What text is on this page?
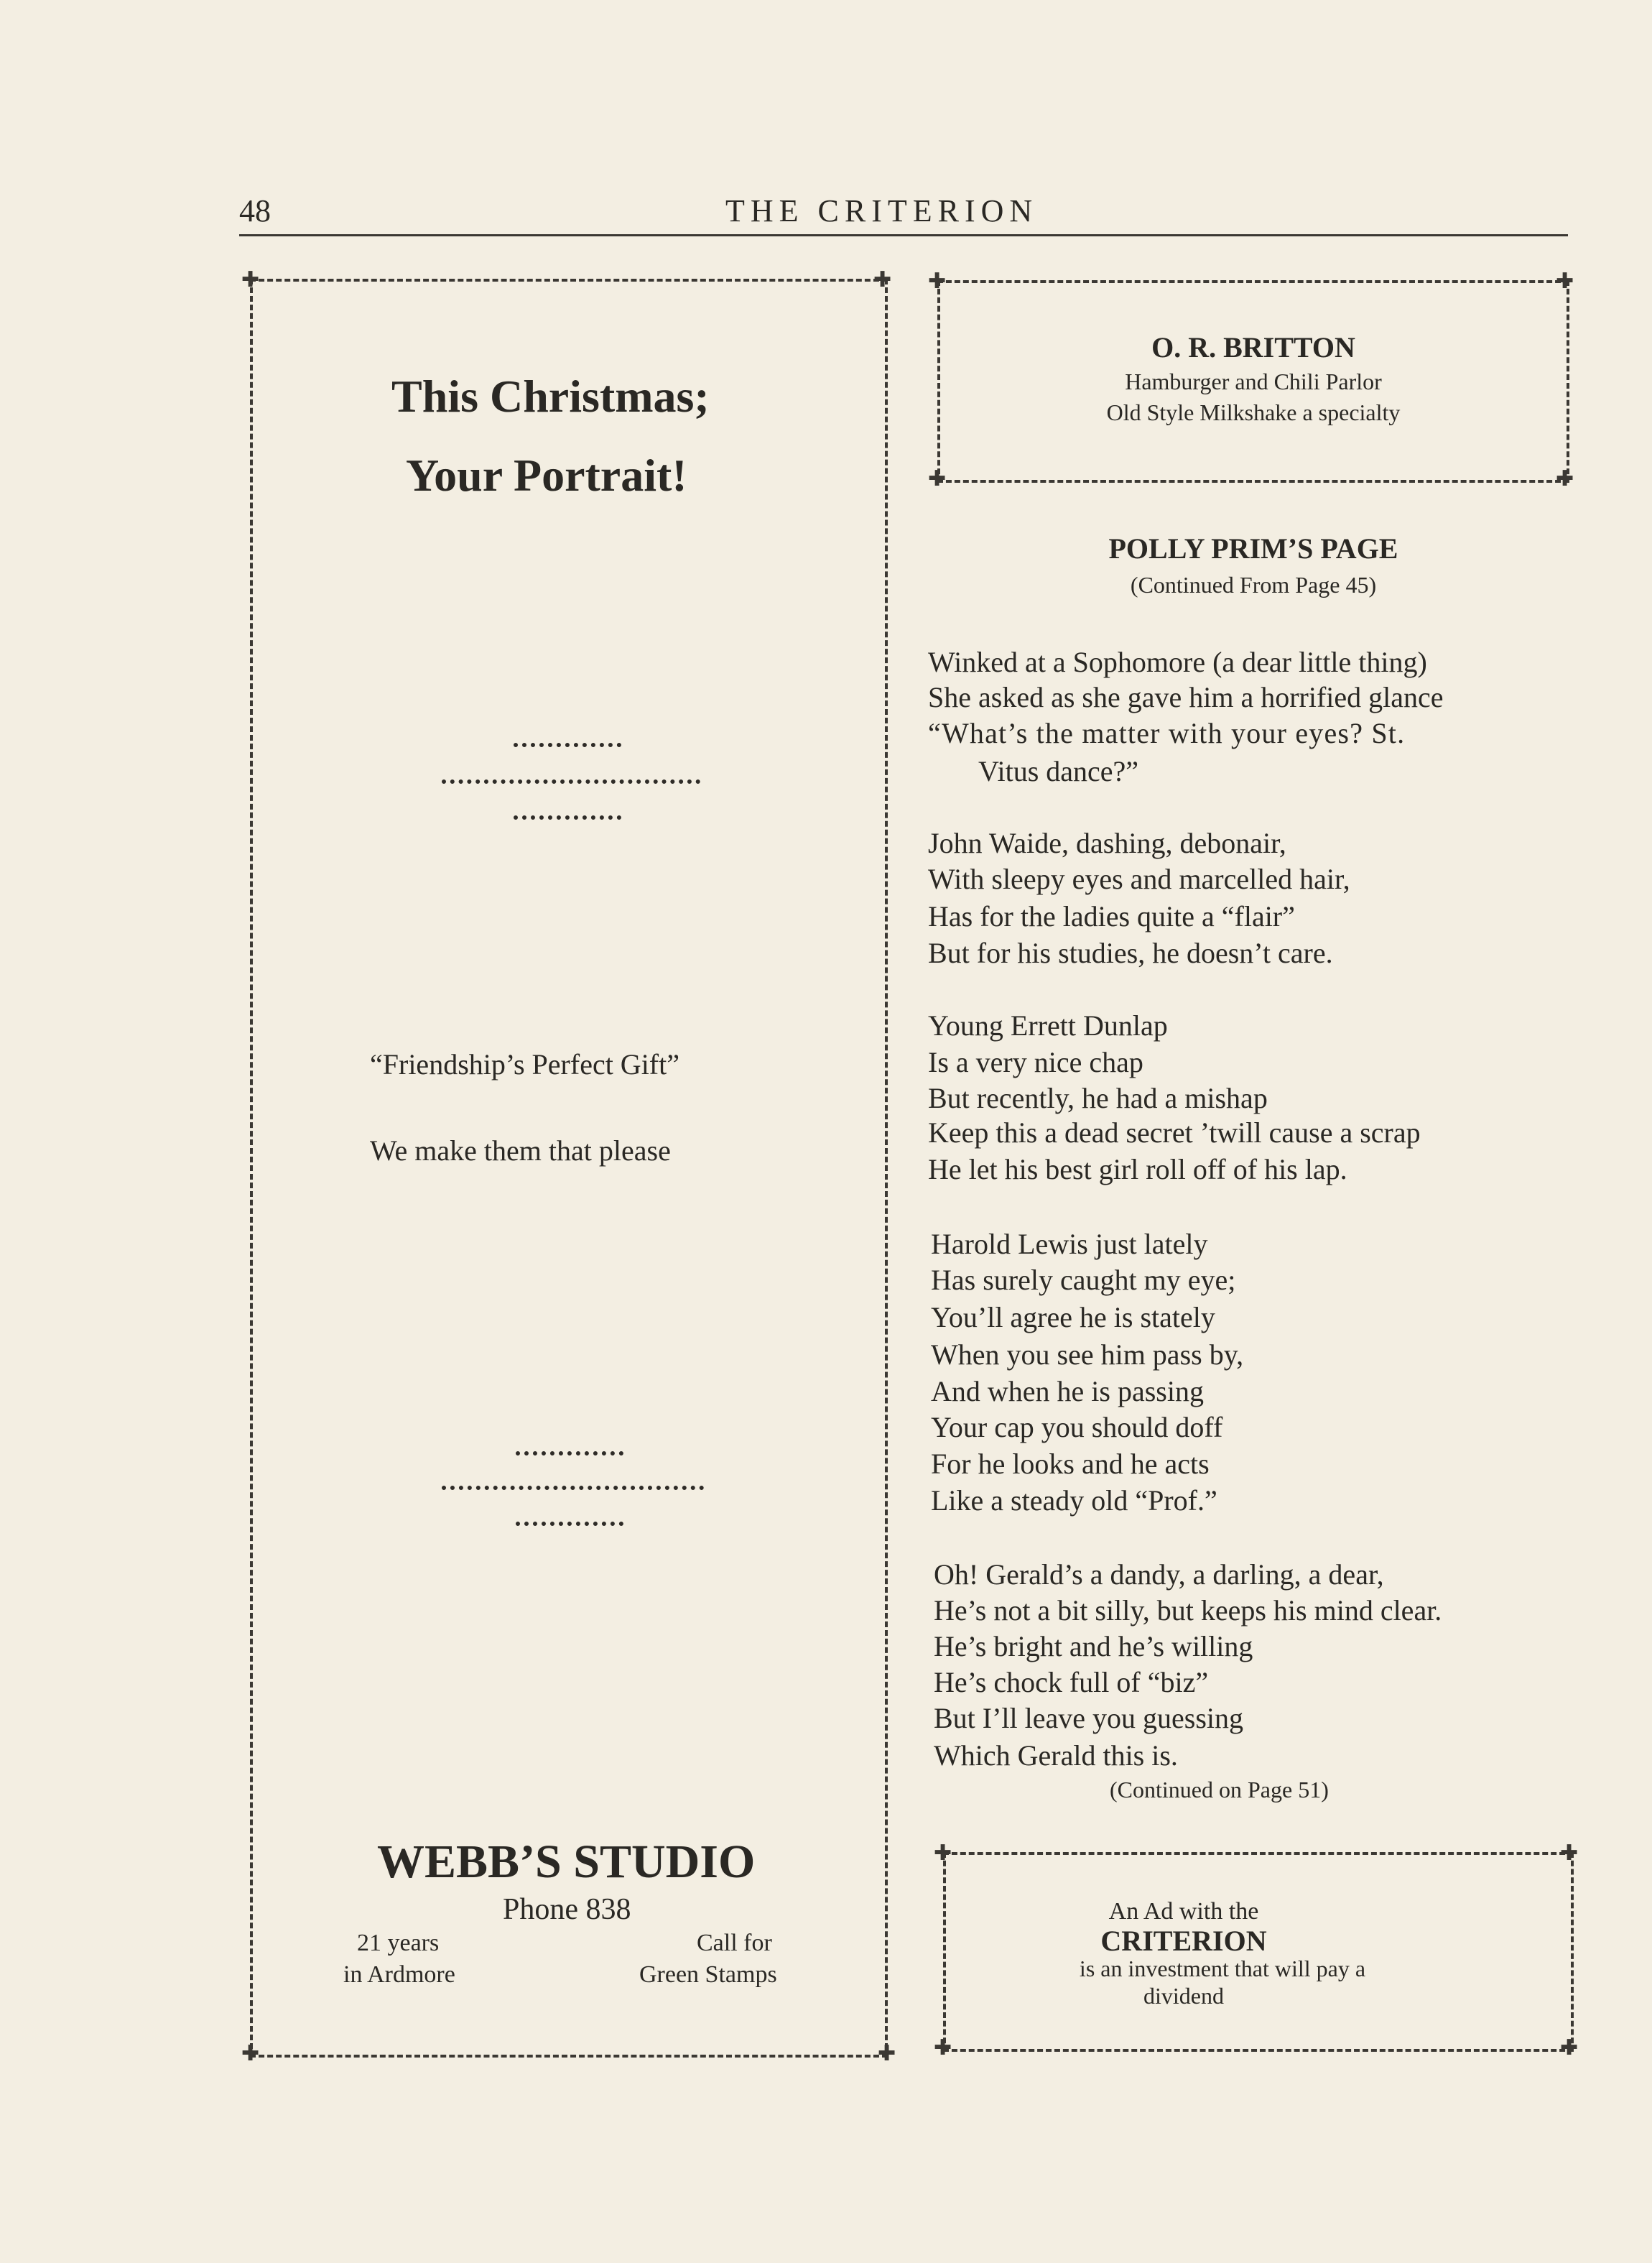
48	THE CRITERION
✚	✚
✚	✚
This Christmas;
Your Portrait!
“Friendship’s Perfect Gift”
We make them that please
WEBB’S STUDIO
Phone 838
21 years
in Ardmore
Call for
Green Stamps
✚	✚
✚	✚
O. R. BRITTON
Hamburger and Chili Parlor
Old Style Milkshake a specialty
POLLY PRIM’S PAGE
(Continued From Page 45)
Winked at a Sophomore (a dear little thing)
She asked as she gave him a horrified glance
“What’s the matter with your eyes? St.
Vitus dance?”
John Waide, dashing, debonair,
With sleepy eyes and marcelled hair,
Has for the ladies quite a “flair”
But for his studies, he doesn’t care.
Young Errett Dunlap
Is a very nice chap
But recently, he had a mishap
Keep this a dead secret ’twill cause a scrap
He let his best girl roll off of his lap.
Harold Lewis just lately
Has surely caught my eye;
You’ll agree he is stately
When you see him pass by,
And when he is passing
Your cap you should doff
For he looks and he acts
Like a steady old “Prof.”
Oh! Gerald’s a dandy, a darling, a dear,
He’s not a bit silly, but keeps his mind clear.
He’s bright and he’s willing
He’s chock full of “biz”
But I’ll leave you guessing
Which Gerald this is.
(Continued on Page 51)
✚	✚
✚	✚
An Ad with the
CRITERION
is an investment that will pay a
dividend
